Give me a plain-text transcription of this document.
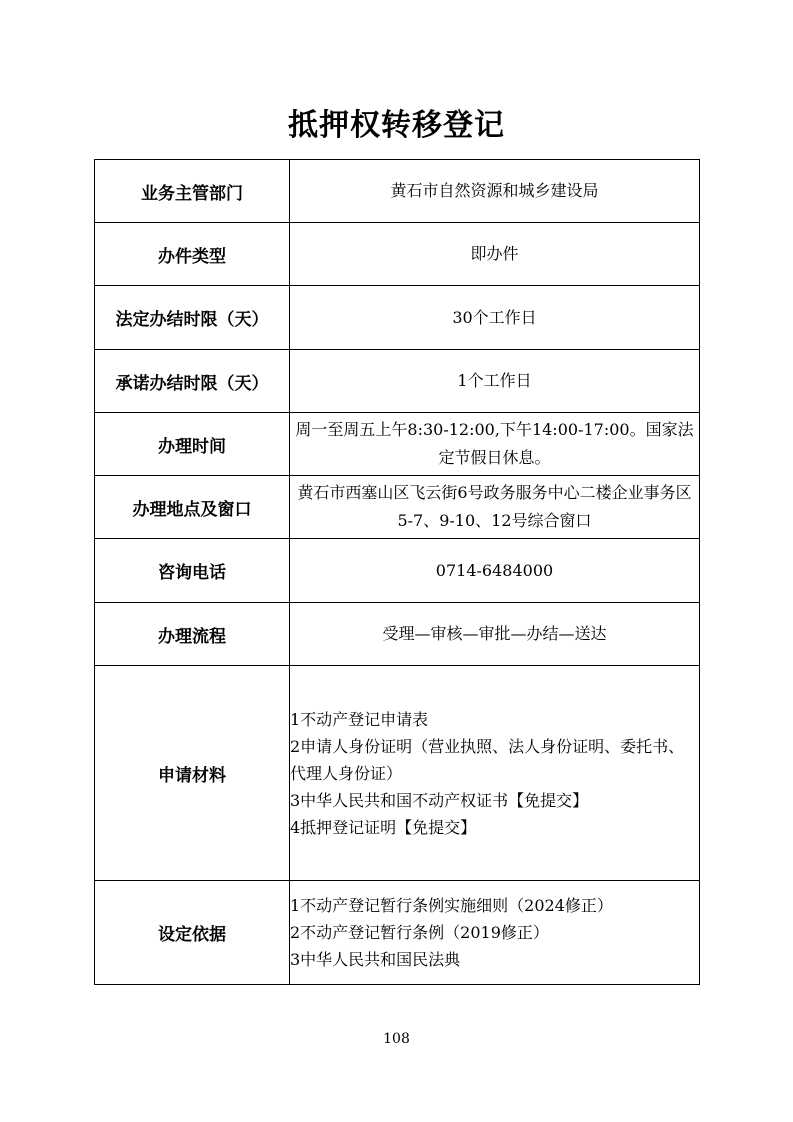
抵押权转移登记
业务主管部门	黄石市自然资源和城乡建设局
办件类型	即办件
法定办结时限（天）	30个工作日
承诺办结时限（天）	1个工作日
办理时间	周一至周五上午8:30-12:00,下午14:00-17:00。国家法定节假日休息。
办理地点及窗口	黄石市西塞山区飞云街6号政务服务中心二楼企业事务区5-7、9-10、12号综合窗口
咨询电话	0714-6484000
办理流程	受理—审核—审批—办结—送达
申请材料	1不动产登记申请表
2申请人身份证明（营业执照、法人身份证明、委托书、代理人身份证）
3中华人民共和国不动产权证书【免提交】
4抵押登记证明【免提交】

设定依据	1不动产登记暂行条例实施细则（2024修正）
2不动产登记暂行条例（2019修正）
3中华人民共和国民法典
108
